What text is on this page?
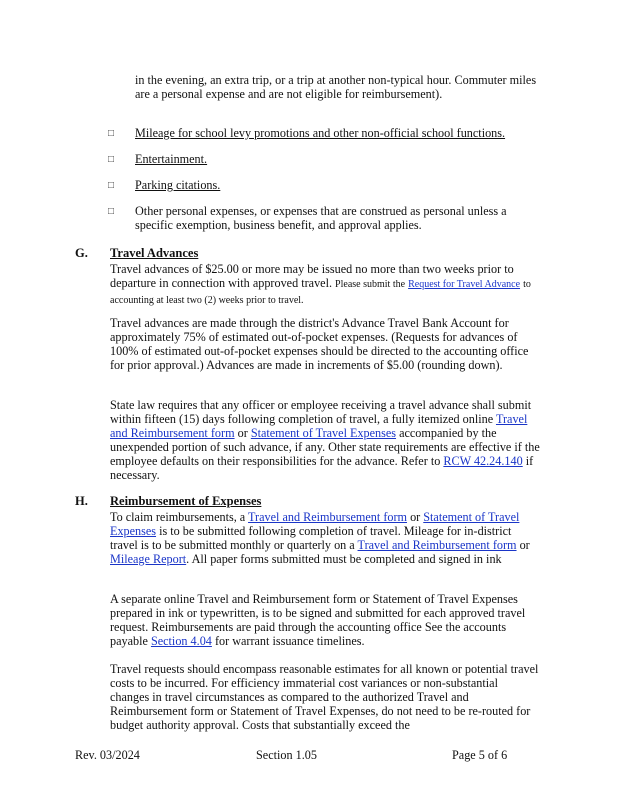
in the evening, an extra trip, or a trip at another non-typical hour. Commuter miles are a personal expense and are not eligible for reimbursement).

□ Mileage for school levy promotions and other non-official school functions.
□ Entertainment.
□ Parking citations.
□ Other personal expenses, or expenses that are construed as personal unless a specific exemption, business benefit, and approval applies.
G. Travel Advances

Travel advances of $25.00 or more may be issued no more than two weeks prior to departure in connection with approved travel. Please submit the Request for Travel Advance to accounting at least two (2) weeks prior to travel.

Travel advances are made through the district's Advance Travel Bank Account for approximately 75% of estimated out-of-pocket expenses. (Requests for advances of 100% of estimated out-of-pocket expenses should be directed to the accounting office for prior approval.) Advances are made in increments of $5.00 (rounding down).

State law requires that any officer or employee receiving a travel advance shall submit within fifteen (15) days following completion of travel, a fully itemized online Travel and Reimbursement form or Statement of Travel Expenses accompanied by the unexpended portion of such advance, if any. Other state requirements are effective if the employee defaults on their responsibilities for the advance. Refer to RCW 42.24.140 if necessary.

H. Reimbursement of Expenses

To claim reimbursements, a Travel and Reimbursement form or Statement of Travel Expenses is to be submitted following completion of travel. Mileage for in-district travel is to be submitted monthly or quarterly on a Travel and Reimbursement form or Mileage Report. All paper forms submitted must be completed and signed in ink

A separate online Travel and Reimbursement form or Statement of Travel Expenses prepared in ink or typewritten, is to be signed and submitted for each approved travel request. Reimbursements are paid through the accounting office See the accounts payable Section 4.04 for warrant issuance timelines.

Travel requests should encompass reasonable estimates for all known or potential travel costs to be incurred. For efficiency immaterial cost variances or non-substantial changes in travel circumstances as compared to the authorized Travel and Reimbursement form or Statement of Travel Expenses, do not need to be re-routed for budget authority approval. Costs that substantially exceed the

Rev. 03/2024	Section 1.05	Page 5 of 6
